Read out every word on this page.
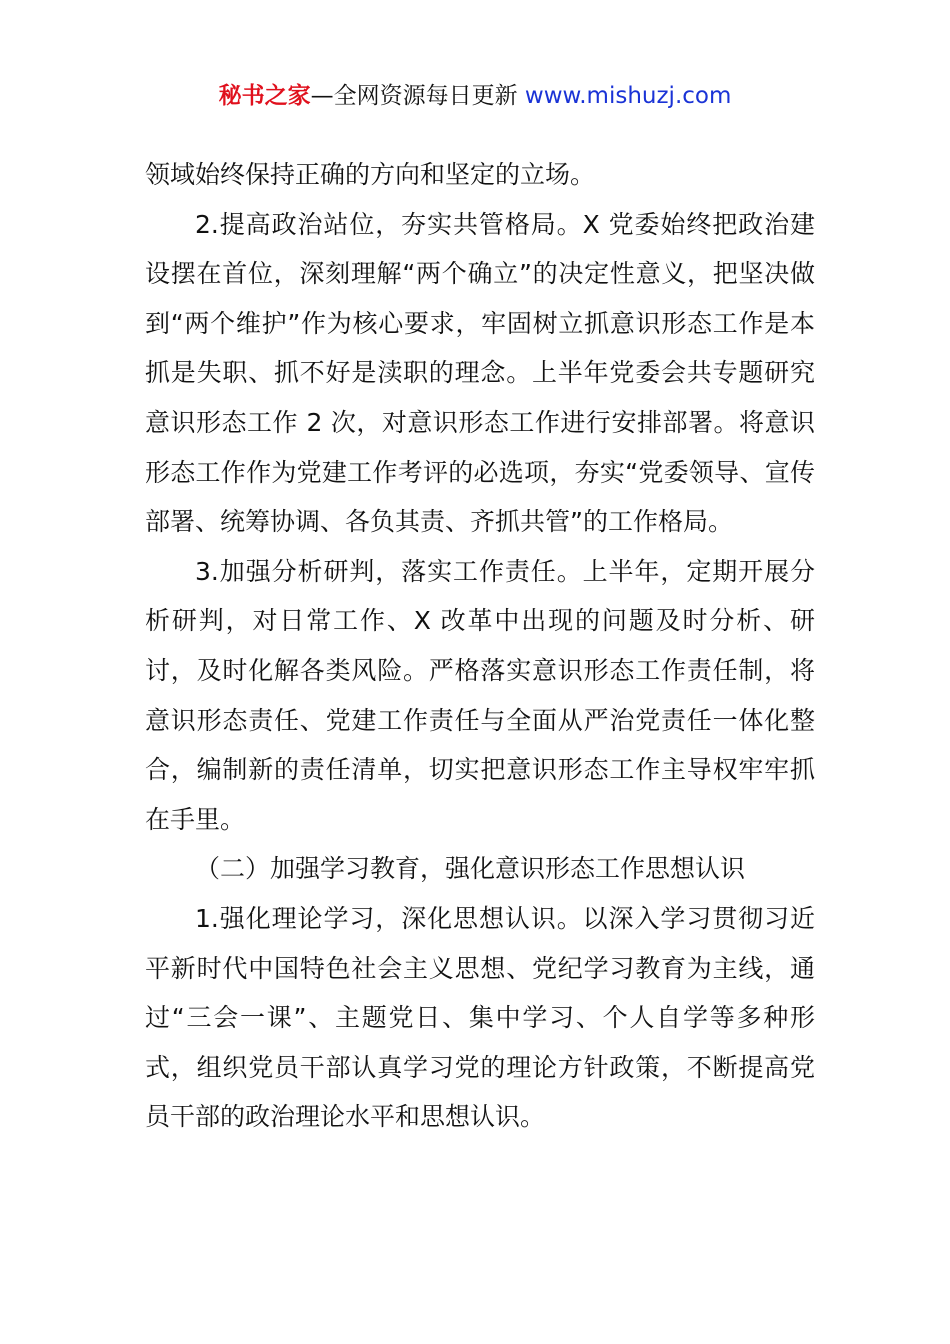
秘书之家—全网资源每日更新 www.mishuzj.com

领域始终保持正确的方向和坚定的立场。

2.提高政治站位，夯实共管格局。X 党委始终把政治建设摆在首位，深刻理解“两个确立”的决定性意义，把坚决做到“两个维护”作为核心要求，牢固树立抓意识形态工作是本抓是失职、抓不好是渎职的理念。上半年党委会共专题研究意识形态工作 2 次，对意识形态工作进行安排部署。将意识形态工作作为党建工作考评的必选项，夯实“党委领导、宣传部署、统筹协调、各负其责、齐抓共管”的工作格局。

3.加强分析研判，落实工作责任。上半年，定期开展分析研判，对日常工作、X 改革中出现的问题及时分析、研讨，及时化解各类风险。严格落实意识形态工作责任制，将意识形态责任、党建工作责任与全面从严治党责任一体化整合，编制新的责任清单，切实把意识形态工作主导权牢牢抓在手里。

（二）加强学习教育，强化意识形态工作思想认识

1.强化理论学习，深化思想认识。以深入学习贯彻习近平新时代中国特色社会主义思想、党纪学习教育为主线，通过“三会一课”、主题党日、集中学习、个人自学等多种形式，组织党员干部认真学习党的理论方针政策，不断提高党员干部的政治理论水平和思想认识。
